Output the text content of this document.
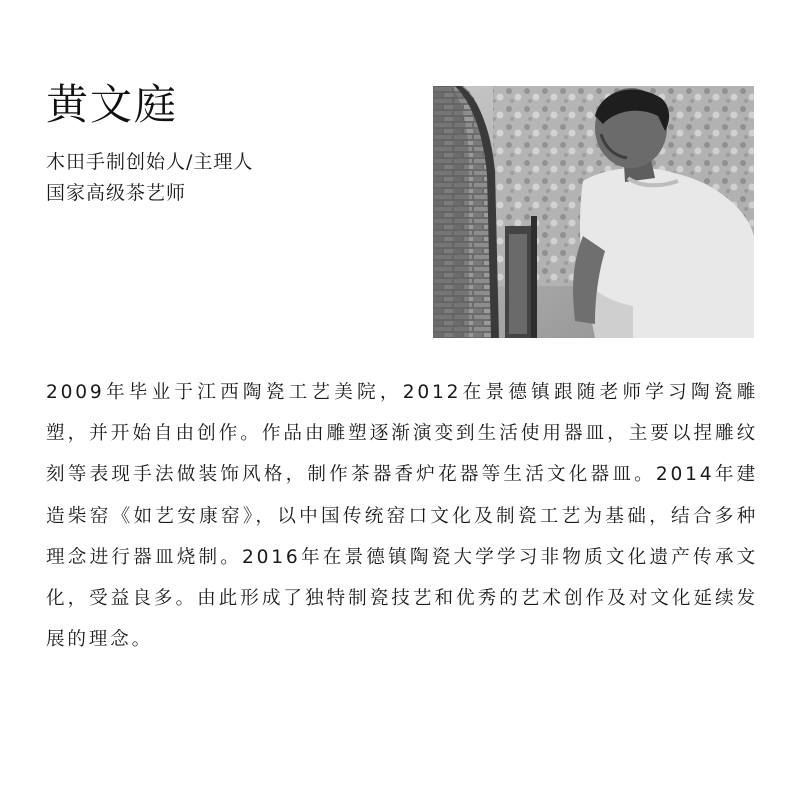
黄文庭
木田手制创始人/主理人
国家高级茶艺师

2009年毕业于江西陶瓷工艺美院，2012在景德镇跟随老师学习陶瓷雕塑，并开始自由创作。作品由雕塑逐渐演变到生活使用器皿，主要以捏雕纹刻等表现手法做装饰风格，制作茶器香炉花器等生活文化器皿。2014年建造柴窑《如艺安康窑》，以中国传统窑口文化及制瓷工艺为基础，结合多种理念进行器皿烧制。2016年在景德镇陶瓷大学学习非物质文化遗产传承文化，受益良多。由此形成了独特制瓷技艺和优秀的艺术创作及对文化延续发展的理念。
